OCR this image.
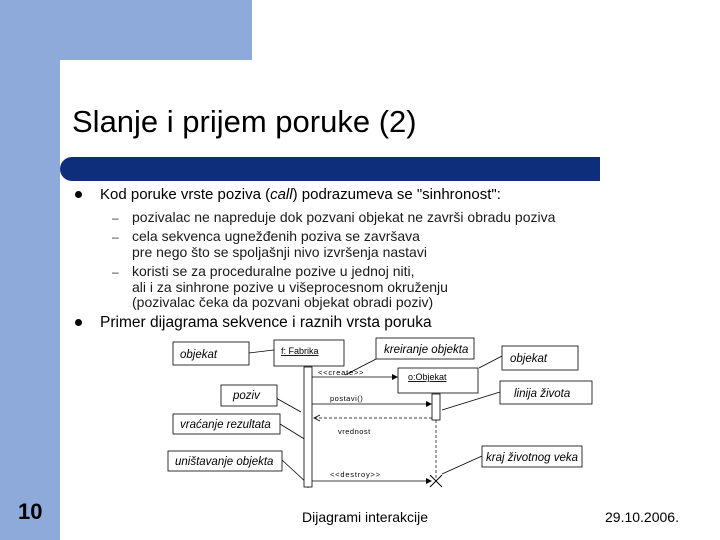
Slanje i prijem poruke (2)
Kod poruke vrste poziva (call) podrazumeva se "sinhronost":
– pozivalac ne napreduje dok pozvani objekat ne završi obradu poziva
– cela sekvenca ugnežđenih poziva se završava
pre nego što se spoljašnji nivo izvršenja nastavi
– koristi se za proceduralne pozive u jednoj niti,
ali i za sinhrone pozive u višeprocesnom okruženju
(pozivalac čeka da pozvani objekat obradi poziv)
Primer dijagrama sekvence i raznih vrsta poruka
f: Fabrika
o:Objekat
<<create>>
postavi()
vrednost
<<destroy>>
objekat	kreiranje objekta
objekat
poziv	linija života
vraćanje rezultata
kraj životnog veka
uništavanje objekta
10	Dijagrami interakcije	29.10.2006.
